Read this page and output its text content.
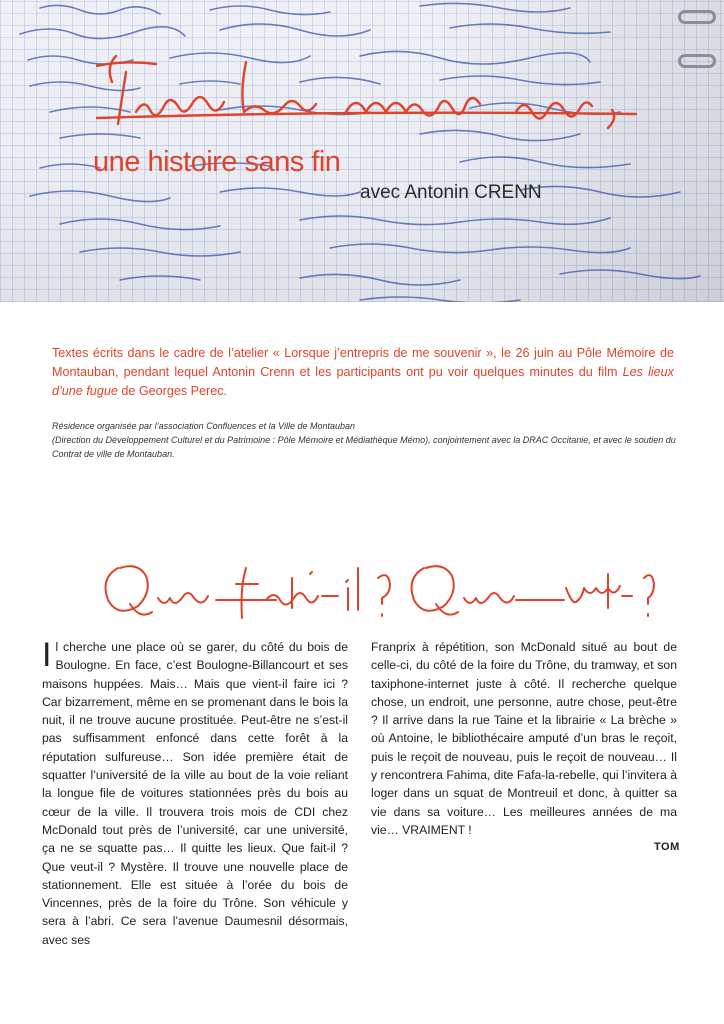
Tisser la mémoire,
une histoire sans fin
avec Antonin CRENN

Textes écrits dans le cadre de l’atelier « Lorsque j’entrepris de me souvenir », le 26 juin au Pôle Mémoire de Montauban, pendant lequel Antonin Crenn et les participants ont pu voir quelques minutes du film Les lieux d’une fugue de Georges Perec.

Résidence organisée par l’association Confluences et la Ville de Montauban
(Direction du Développement Culturel et du Patrimoine : Pôle Mémoire et Médiathèque Mémo), conjointement avec la DRAC Occitanie, et avec le soutien du Contrat de ville de Montauban.
Que fait-il ? Que veut-il ?
Il cherche une place où se garer, du côté du bois de Boulogne. En face, c’est Boulogne-Billancourt et ses maisons huppées. Mais… Mais que vient-il faire ici ? Car bizarrement, même en se promenant dans le bois la nuit, il ne trouve aucune prostituée. Peut-être ne s’est-il pas suffisamment enfoncé dans cette forêt à la réputation sulfureuse… Son idée première était de squatter l’université de la ville au bout de la voie reliant la longue file de voitures stationnées près du bois au cœur de la ville. Il trouvera trois mois de CDI chez McDonald tout près de l’université, car une université, ça ne se squatte pas… Il quitte les lieux. Que fait-il ? Que veut-il ? Mystère. Il trouve une nouvelle place de stationnement. Elle est située à l’orée du bois de Vincennes, près de la foire du Trône. Son véhicule y sera à l’abri. Ce sera l’avenue Daumesnil désormais, avec ses
Franprix à répétition, son McDonald situé au bout de celle-ci, du côté de la foire du Trône, du tramway, et son taxiphone-internet juste à côté. Il recherche quelque chose, un endroit, une personne, autre chose, peut-être ? Il arrive dans la rue Taine et la librairie « La brèche » où Antoine, le bibliothécaire amputé d’un bras le reçoit, puis le reçoit de nouveau, puis le reçoit de nouveau… Il y rencontrera Fahima, dite Fafa-la-rebelle, qui l’invitera à loger dans un squat de Montreuil et donc, à quitter sa vie dans sa voiture… Les meilleures années de ma vie… VRAIMENT !
TOM
